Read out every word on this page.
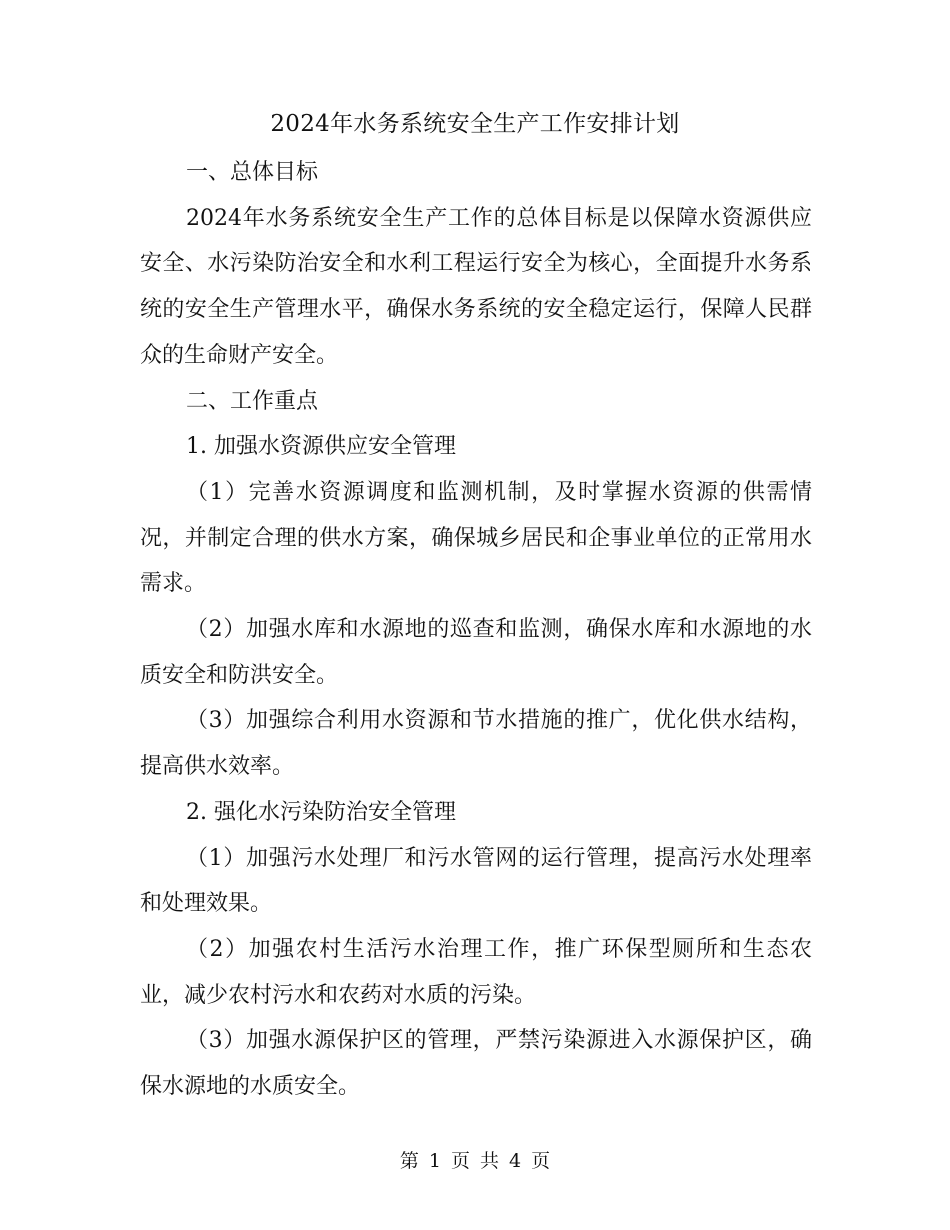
2024年水务系统安全生产工作安排计划

一、总体目标

2024年水务系统安全生产工作的总体目标是以保障水资源供应安全、水污染防治安全和水利工程运行安全为核心，全面提升水务系统的安全生产管理水平，确保水务系统的安全稳定运行，保障人民群众的生命财产安全。

二、工作重点

1. 加强水资源供应安全管理

（1）完善水资源调度和监测机制，及时掌握水资源的供需情况，并制定合理的供水方案，确保城乡居民和企事业单位的正常用水需求。

（2）加强水库和水源地的巡查和监测，确保水库和水源地的水质安全和防洪安全。

（3）加强综合利用水资源和节水措施的推广，优化供水结构，提高供水效率。

2. 强化水污染防治安全管理

（1）加强污水处理厂和污水管网的运行管理，提高污水处理率和处理效果。

（2）加强农村生活污水治理工作，推广环保型厕所和生态农业，减少农村污水和农药对水质的污染。

（3）加强水源保护区的管理，严禁污染源进入水源保护区，确保水源地的水质安全。

第 1 页 共 4 页
